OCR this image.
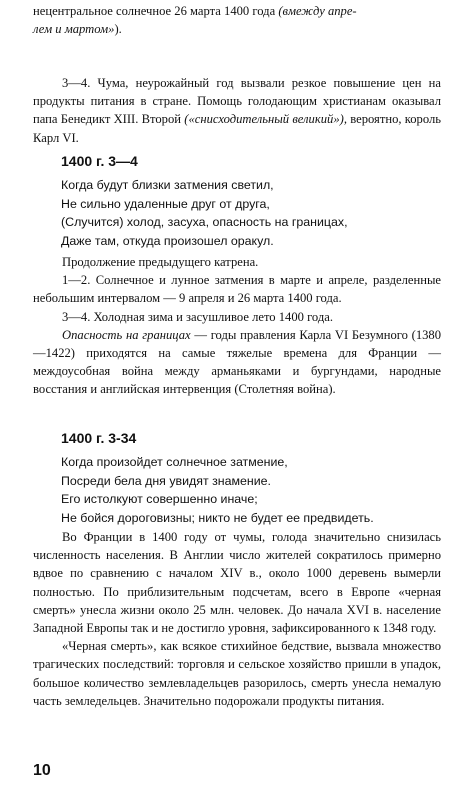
нецентральное солнечное 26 марта 1400 года (вмежду апре-
лем и мартом»).

3—4. Чума, неурожайный год вызвали резкое повышение цен на продукты питания в стране. Помощь голодающим христианам оказывал папа Бенедикт XIII. Второй («снисходительный великий»), вероятно, король Карл VI.

1400 г. 3—4
Когда будут близки затмения светил,
Не сильно удаленные друг от друга,
(Случится) холод, засуха, опасность на границах,
Даже там, откуда произошел оракул.

Продолжение предыдущего катрена.

1—2. Солнечное и лунное затмения в марте и апреле, разделенные небольшим интервалом — 9 апреля и 26 марта 1400 года.

3—4. Холодная зима и засушливое лето 1400 года.

Опасность на границах — годы правления Карла VI Безумного (1380—1422) приходятся на самые тяжелые времена для Франции — междоусобная война между арманьяками и бургундами, народные восстания и английская интервенция (Столетняя война).

1400 г. 3-34
Когда произойдет солнечное затмение,
Посреди бела дня увидят знамение.
Его истолкуют совершенно иначе;
Не бойся дороговизны; никто не будет ее предвидеть.

Во Франции в 1400 году от чумы, голода значительно снизилась численность населения. В Англии число жителей сократилось примерно вдвое по сравнению с началом XIV в., около 1000 деревень вымерли полностью. По приблизительным подсчетам, всего в Европе «черная смерть» унесла жизни около 25 млн. человек. До начала XVI в. население Западной Европы так и не достигло уровня, зафиксированного к 1348 году.

«Черная смерть», как всякое стихийное бедствие, вызвала множество трагических последствий: торговля и сельское хозяйство пришли в упадок, большое количество землевладельцев разорилось, смерть унесла немалую часть земледельцев. Значительно подорожали продукты питания.

10
